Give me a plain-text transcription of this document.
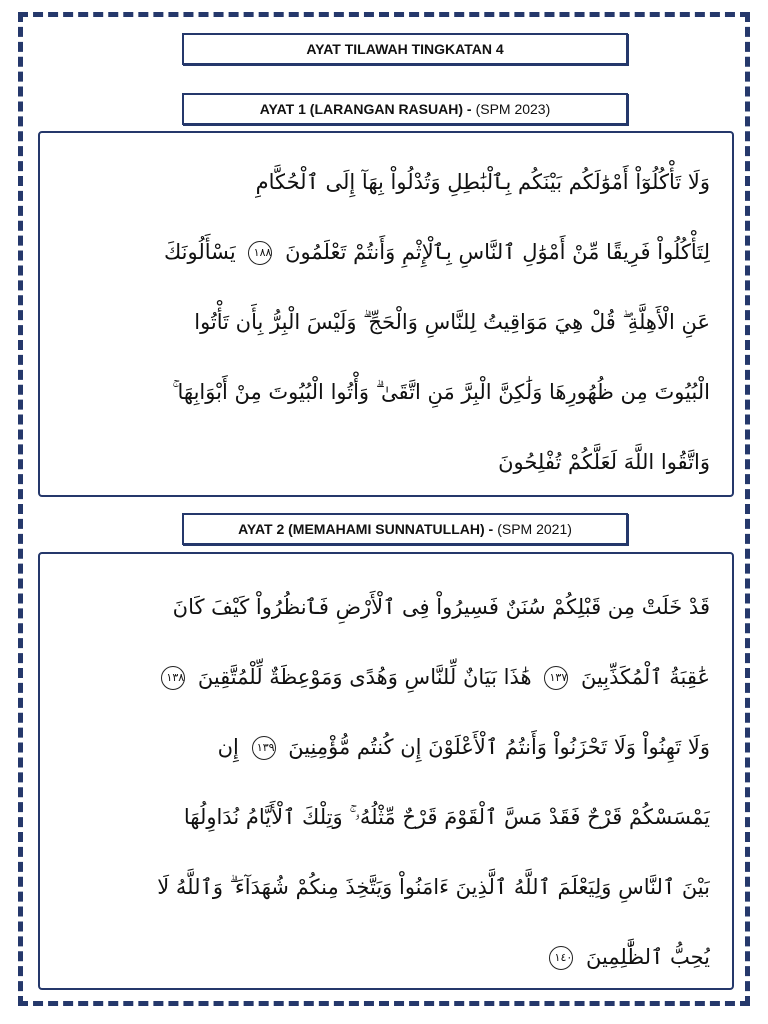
AYAT TILAWAH TINGKATAN 4
AYAT 1 (LARANGAN RASUAH) - (SPM 2023)
وَلَا تَأْكُلُوٓاْ أَمْوَٰلَكُم بَيْنَكُم بِٱلْبَٰطِلِ وَتُدْلُواْ بِهَآ إِلَى ٱلْحُكَّامِ
لِتَأْكُلُواْ فَرِيقًا مِّنْ أَمْوَٰلِ ٱلنَّاسِ بِٱلْإِثْمِ وَأَنتُمْ تَعْلَمُونَ ١٨٨ يَسْأَلُونَكَ
عَنِ الْأَهِلَّةِ ۖ قُلْ هِيَ مَوَاقِيتُ لِلنَّاسِ وَالْحَجِّ ۗ وَلَيْسَ الْبِرُّ بِأَن تَأْتُوا
الْبُيُوتَ مِن ظُهُورِهَا وَلَٰكِنَّ الْبِرَّ مَنِ اتَّقَىٰ ۗ وَأْتُوا الْبُيُوتَ مِنْ أَبْوَابِهَا ۚ
وَاتَّقُوا اللَّهَ لَعَلَّكُمْ تُفْلِحُونَ
AYAT 2 (MEMAHAMI SUNNATULLAH) - (SPM 2021)
قَدْ خَلَتْ مِن قَبْلِكُمْ سُنَنٌ فَسِيرُواْ فِى ٱلْأَرْضِ فَٱنظُرُواْ كَيْفَ كَانَ
عَٰقِبَةُ ٱلْمُكَذِّبِينَ ١٣٧ هَٰذَا بَيَانٌ لِّلنَّاسِ وَهُدًى وَمَوْعِظَةٌ لِّلْمُتَّقِينَ ١٣٨
وَلَا تَهِنُواْ وَلَا تَحْزَنُواْ وَأَنتُمُ ٱلْأَعْلَوْنَ إِن كُنتُم مُّؤْمِنِينَ ١٣٩ إِن
يَمْسَسْكُمْ قَرْحٌ فَقَدْ مَسَّ ٱلْقَوْمَ قَرْحٌ مِّثْلُهُۥ ۚ وَتِلْكَ ٱلْأَيَّامُ نُدَاوِلُهَا
بَيْنَ ٱلنَّاسِ وَلِيَعْلَمَ ٱللَّهُ ٱلَّذِينَ ءَامَنُواْ وَيَتَّخِذَ مِنكُمْ شُهَدَآءَ ۗ وَٱللَّهُ لَا
يُحِبُّ ٱلظَّٰلِمِينَ ١٤٠
